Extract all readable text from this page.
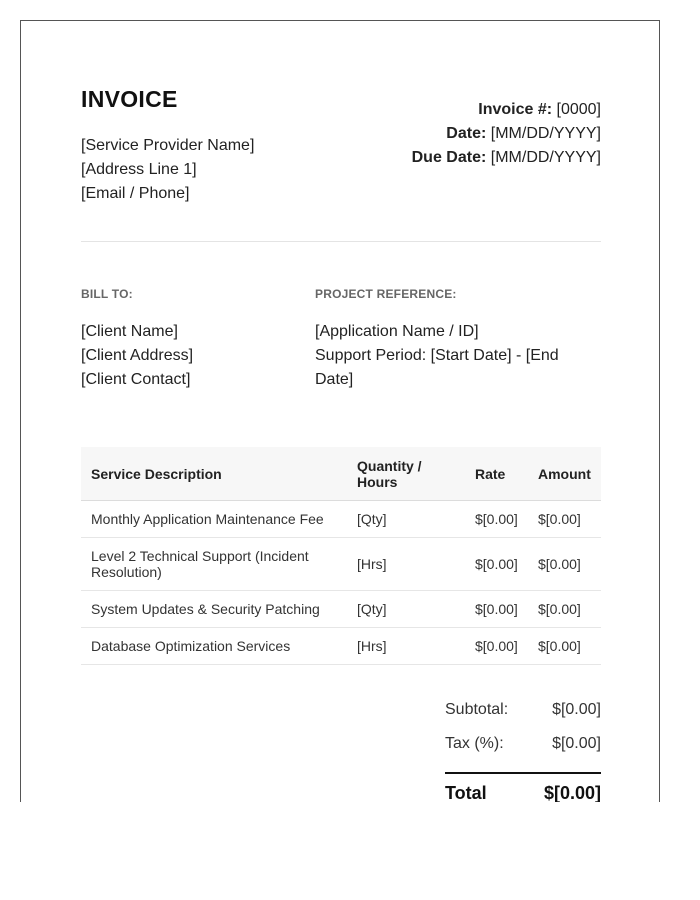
INVOICE
[Service Provider Name]
[Address Line 1]
[Email / Phone]
Invoice #: [0000]
Date: [MM/DD/YYYY]
Due Date: [MM/DD/YYYY]
BILL TO:	PROJECT REFERENCE:
[Client Name]
[Client Address]
[Client Contact]
[Application Name / ID]
Support Period: [Start Date] - [End Date]
Service Description	Quantity / Hours	Rate	Amount
Monthly Application Maintenance Fee	[Qty]	$[0.00]	$[0.00]
Level 2 Technical Support (Incident Resolution)	[Hrs]	$[0.00]	$[0.00]
System Updates & Security Patching	[Qty]	$[0.00]	$[0.00]
Database Optimization Services	[Hrs]	$[0.00]	$[0.00]
Subtotal:	$[0.00]
Tax (%):	$[0.00]
Total	$[0.00]
